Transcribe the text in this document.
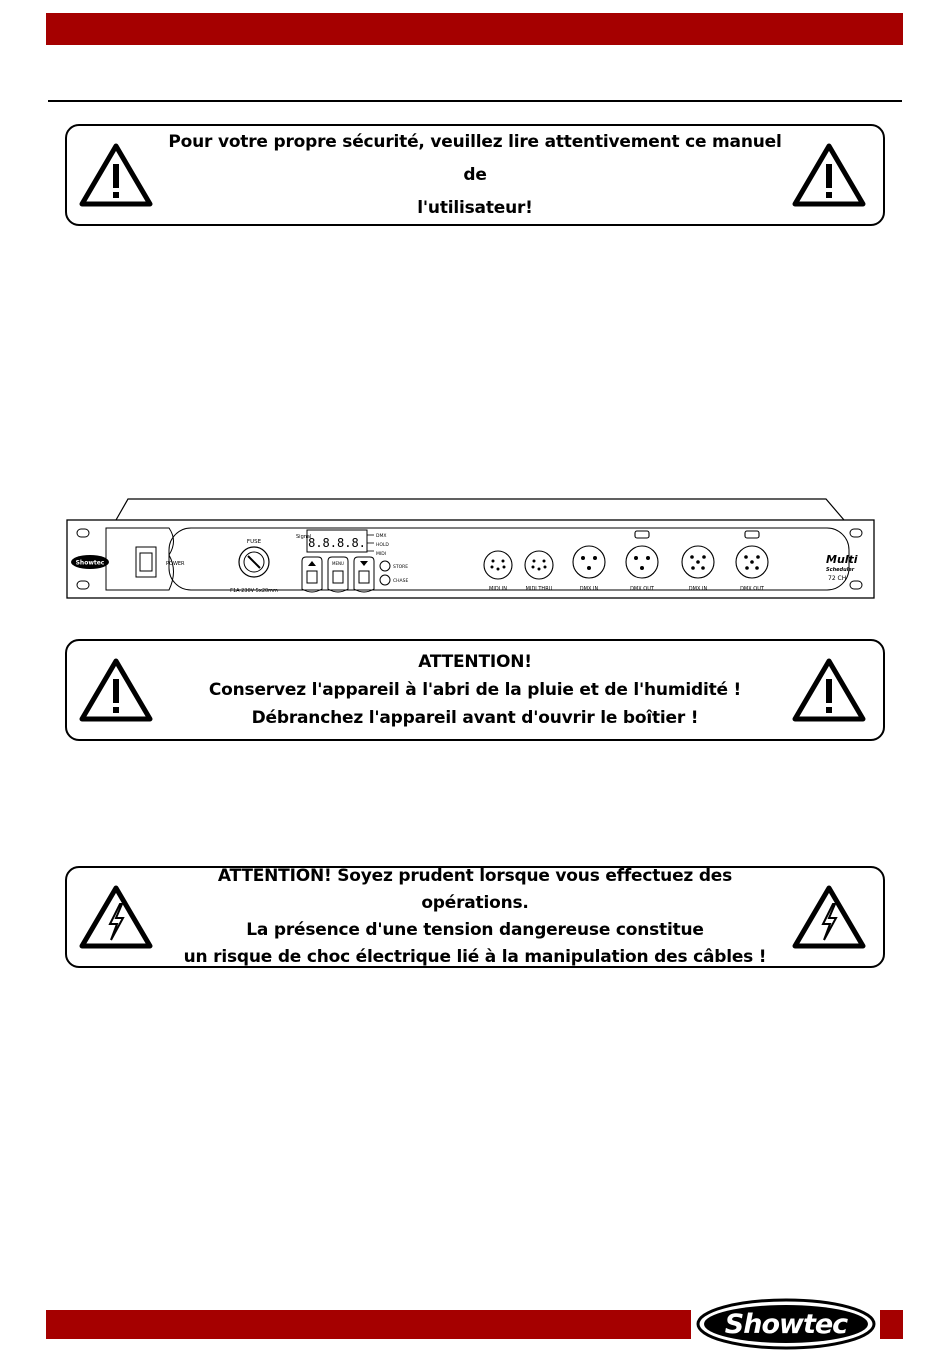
Pour votre propre sécurité, veuillez lire attentivement ce manuel de
l'utilisateur!
Showtec	POWER
FUSE
F1A 230V 5x20mm
Signal
8.8.8.8. DMX
HOLD
MIDI
MENU
STORE
CHASE
MIDI IN	MIDI THRU	DMX IN	DMX OUT	DMX IN	DMX OUT
Multi
Scheduler
72 CH
ATTENTION!
Conservez l'appareil à l'abri de la pluie et de l'humidité !
Débranchez l'appareil avant d'ouvrir le boîtier !
ATTENTION! Soyez prudent lorsque vous effectuez des opérations.
La présence d'une tension dangereuse constitue
un risque de choc électrique lié à la manipulation des câbles !
Showtec
